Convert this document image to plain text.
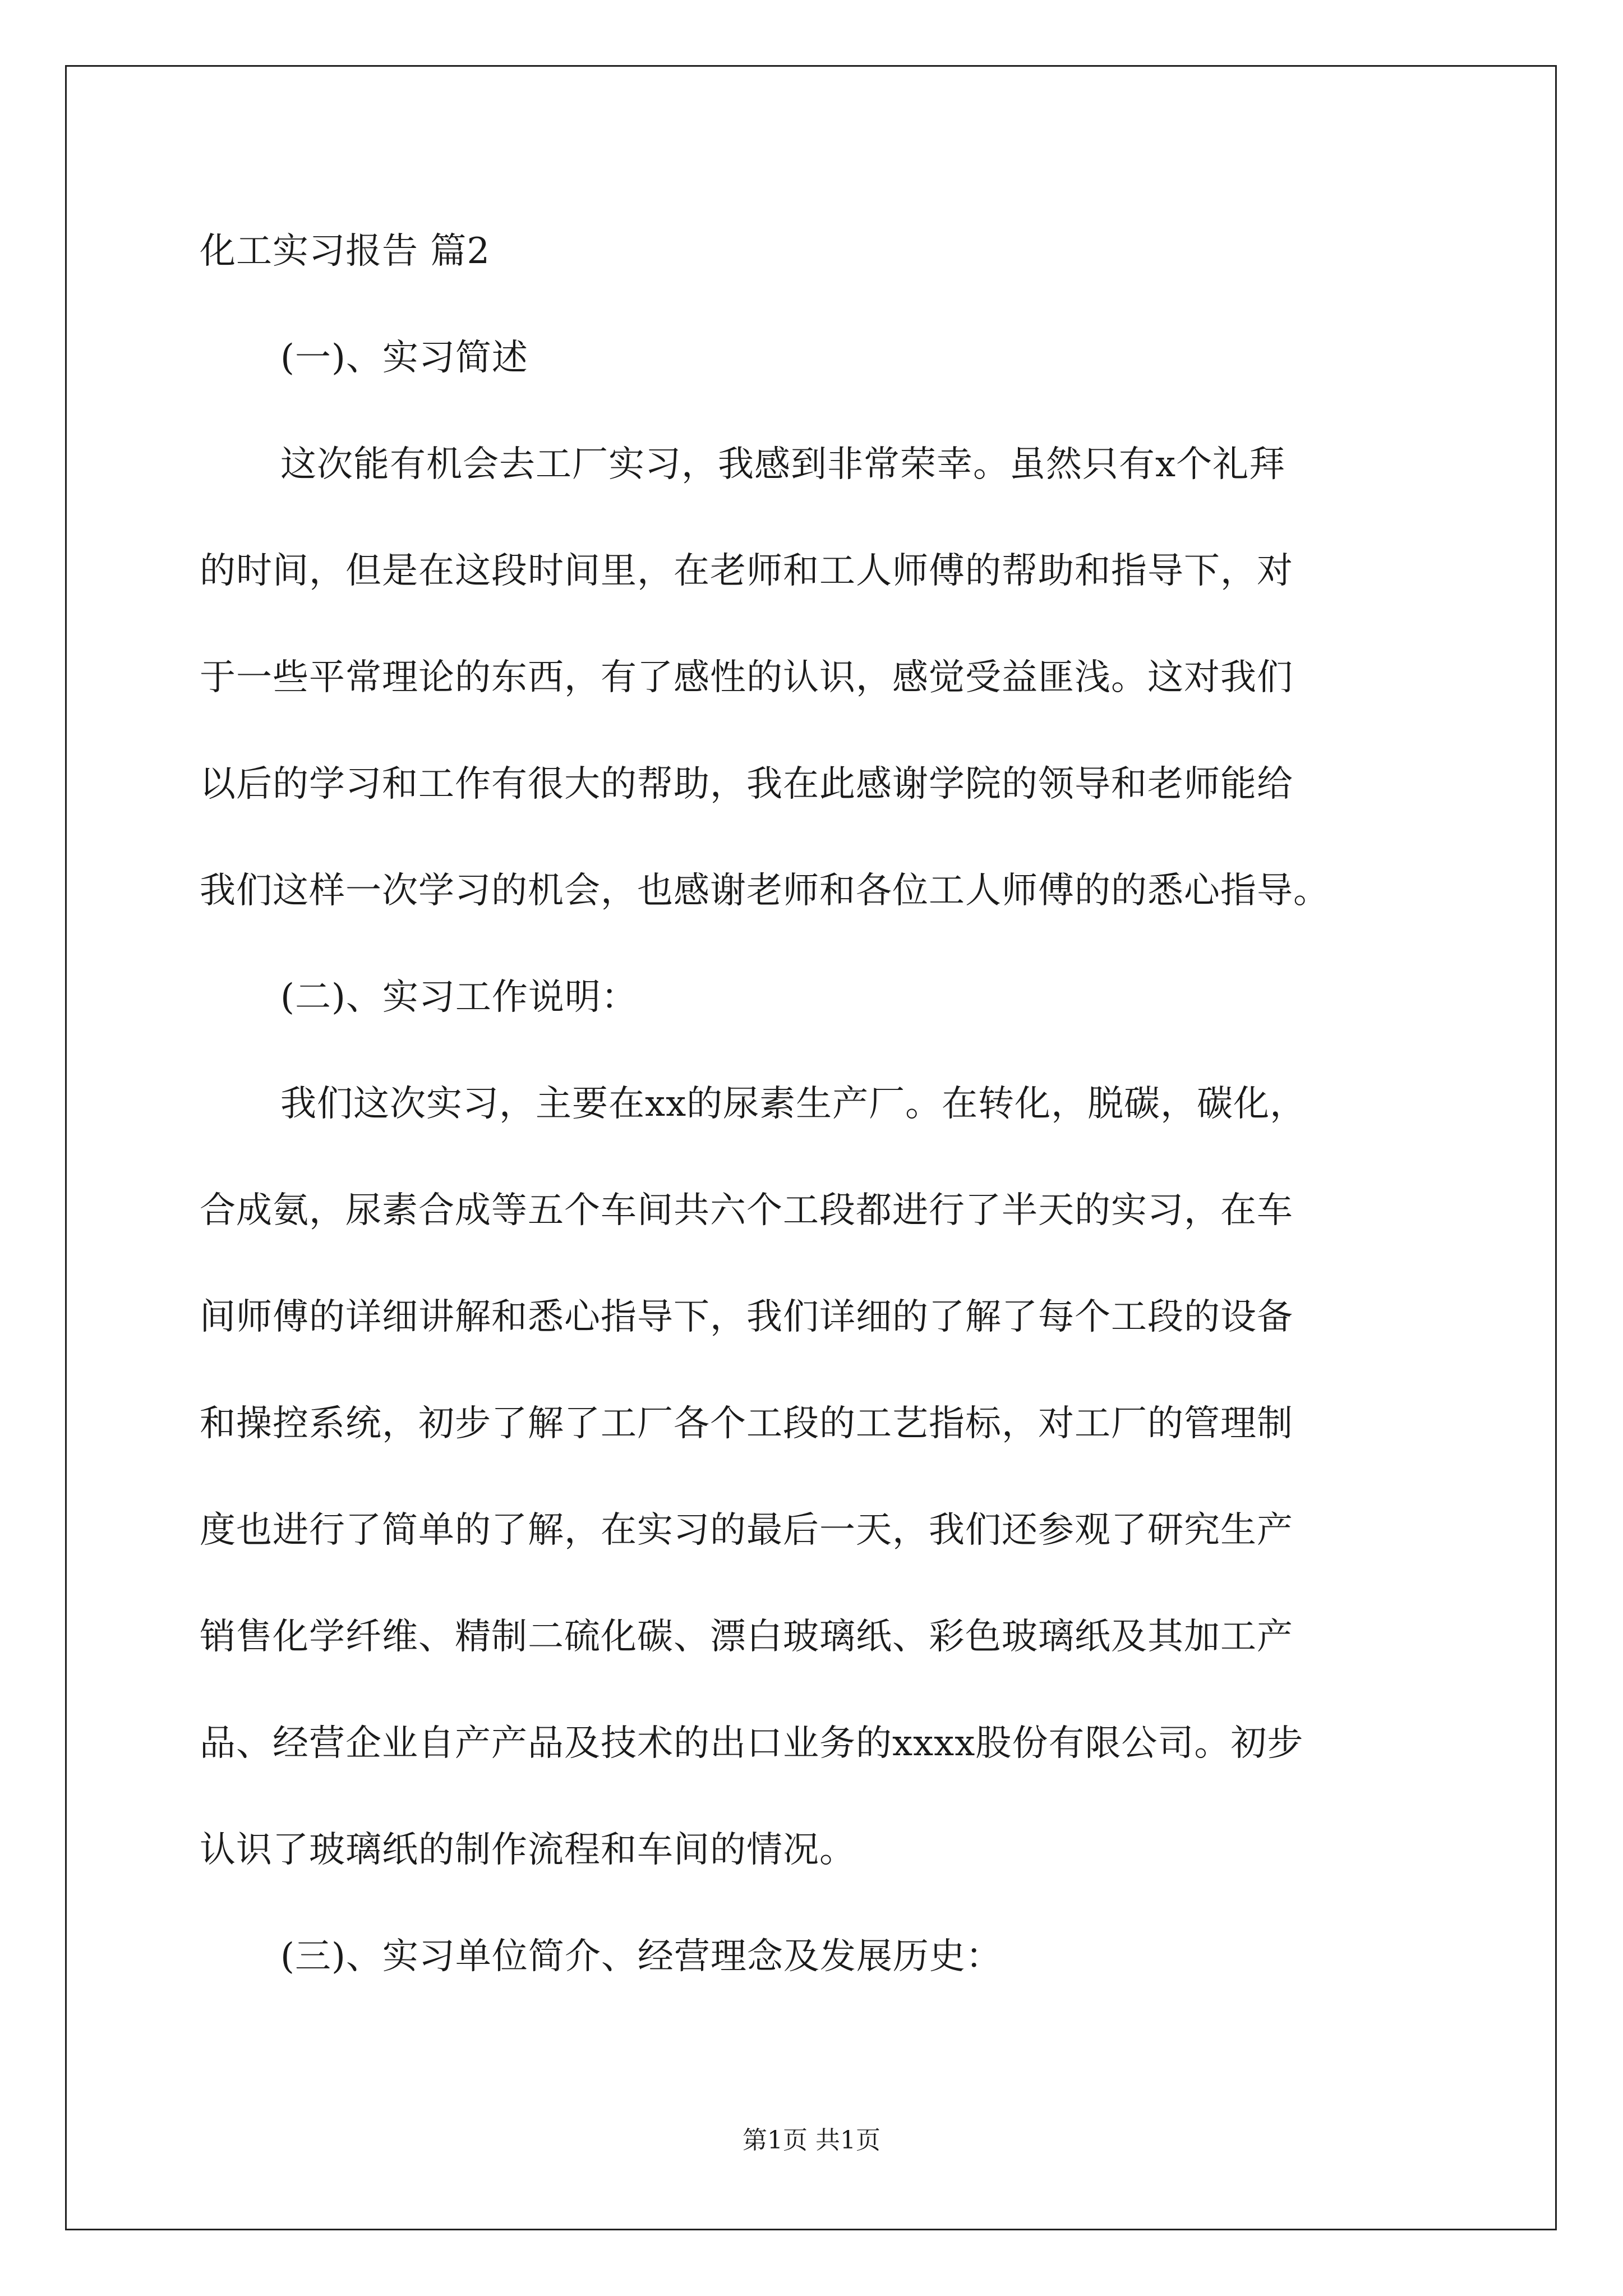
化工实习报告 篇2
(一)、实习简述
这次能有机会去工厂实习，我感到非常荣幸。虽然只有x个礼拜
的时间，但是在这段时间里，在老师和工人师傅的帮助和指导下，对
于一些平常理论的东西，有了感性的认识，感觉受益匪浅。这对我们
以后的学习和工作有很大的帮助，我在此感谢学院的领导和老师能给
我们这样一次学习的机会，也感谢老师和各位工人师傅的的悉心指导。
(二)、实习工作说明：
我们这次实习，主要在xx的尿素生产厂。在转化，脱碳，碳化，
合成氨，尿素合成等五个车间共六个工段都进行了半天的实习，在车
间师傅的详细讲解和悉心指导下，我们详细的了解了每个工段的设备
和操控系统，初步了解了工厂各个工段的工艺指标，对工厂的管理制
度也进行了简单的了解，在实习的最后一天，我们还参观了研究生产
销售化学纤维、精制二硫化碳、漂白玻璃纸、彩色玻璃纸及其加工产
品、经营企业自产产品及技术的出口业务的xxxx股份有限公司。初步
认识了玻璃纸的制作流程和车间的情况。
(三)、实习单位简介、经营理念及发展历史：
第1页 共1页
